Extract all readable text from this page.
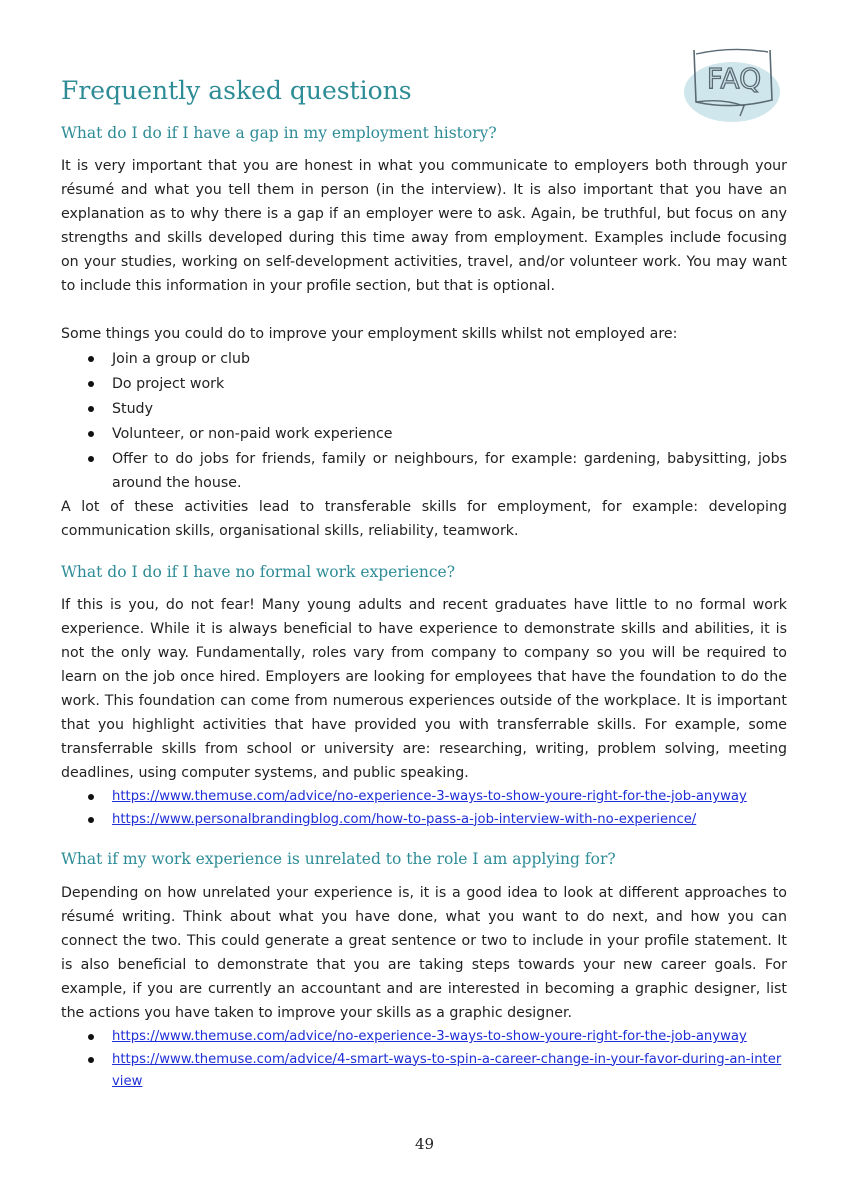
FAQ
Frequently asked questions
What do I do if I have a gap in my employment history?

It is very important that you are honest in what you communicate to employers both through your résumé and what you tell them in person (in the interview). It is also important that you have an explanation as to why there is a gap if an employer were to ask. Again, be truthful, but focus on any strengths and skills developed during this time away from employment. Examples include focusing on your studies, working on self-development activities, travel, and/or volunteer work. You may want to include this information in your profile section, but that is optional.

Some things you could do to improve your employment skills whilst not employed are:

Join a group or club
Do project work
Study
Volunteer, or non-paid work experience
Offer to do jobs for friends, family or neighbours, for example: gardening, babysitting, jobs around the house.

A lot of these activities lead to transferable skills for employment, for example: developing communication skills, organisational skills, reliability, teamwork.

What do I do if I have no formal work experience?

If this is you, do not fear! Many young adults and recent graduates have little to no formal work experience. While it is always beneficial to have experience to demonstrate skills and abilities, it is not the only way. Fundamentally, roles vary from company to company so you will be required to learn on the job once hired. Employers are looking for employees that have the foundation to do the work. This foundation can come from numerous experiences outside of the workplace. It is important that you highlight activities that have provided you with transferrable skills. For example, some transferrable skills from school or university are: researching, writing, problem solving, meeting deadlines, using computer systems, and public speaking.

https://www.themuse.com/advice/no-experience-3-ways-to-show-youre-right-for-the-job-anyway
https://www.personalbrandingblog.com/how-to-pass-a-job-interview-with-no-experience/
What if my work experience is unrelated to the role I am applying for?

Depending on how unrelated your experience is, it is a good idea to look at different approaches to résumé writing. Think about what you have done, what you want to do next, and how you can connect the two. This could generate a great sentence or two to include in your profile statement. It is also beneficial to demonstrate that you are taking steps towards your new career goals. For example, if you are currently an accountant and are interested in becoming a graphic designer, list the actions you have taken to improve your skills as a graphic designer.

https://www.themuse.com/advice/no-experience-3-ways-to-show-youre-right-for-the-job-anyway
https://www.themuse.com/advice/4-smart-ways-to-spin-a-career-change-in-your-favor-during-an-interview
49
